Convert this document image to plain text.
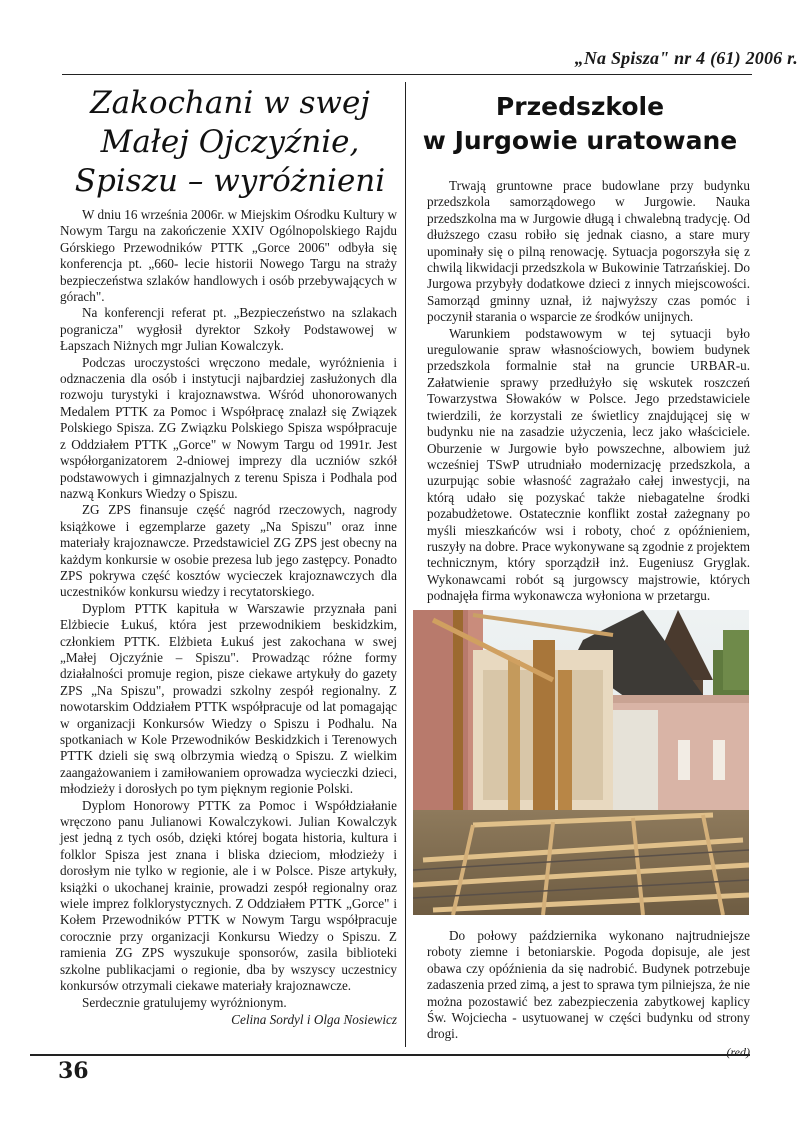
„Na Spisza" nr 4 (61) 2006 r.
Zakochani w swej
Małej Ojczyźnie,
Spiszu – wyróżnieni

W dniu 16 września 2006r. w Miejskim Ośrodku Kultury w Nowym Targu na zakończenie XXIV Ogólnopolskiego Rajdu Górskiego Przewodników PTTK „Gorce 2006" odbyła się konferencja pt. „660- lecie historii Nowego Targu na straży bezpieczeństwa szlaków handlowych i osób przebywających w górach".

Na konferencji referat pt. „Bezpieczeństwo na szlakach pogranicza" wygłosił dyrektor Szkoły Podstawowej w Łapszach Niżnych mgr Julian Kowalczyk.

Podczas uroczystości wręczono medale, wyróżnienia i odznaczenia dla osób i instytucji najbardziej zasłużonych dla rozwoju turystyki i krajoznawstwa. Wśród uhonorowanych Medalem PTTK za Pomoc i Współpracę znalazł się Związek Polskiego Spisza. ZG Związku Polskiego Spisza współpracuje z Oddziałem PTTK „Gorce" w Nowym Targu od 1991r. Jest współorganizatorem 2-dniowej imprezy dla uczniów szkół podstawowych i gimnazjalnych z terenu Spisza i Podhala pod nazwą Konkurs Wiedzy o Spiszu.

ZG ZPS finansuje część nagród rzeczowych, nagrody książkowe i egzemplarze gazety „Na Spiszu" oraz inne materiały krajoznawcze. Przedstawiciel ZG ZPS jest obecny na każdym konkursie w osobie prezesa lub jego zastępcy. Ponadto ZPS pokrywa część kosztów wycieczek krajoznawczych dla uczestników konkursu wiedzy i recytatorskiego.

Dyplom PTTK kapituła w Warszawie przyznała pani Elżbiecie Łukuś, która jest przewodnikiem beskidzkim, członkiem PTTK. Elżbieta Łukuś jest zakochana w swej „Małej Ojczyźnie – Spiszu". Prowadząc różne formy działalności promuje region, pisze ciekawe artykuły do gazety ZPS „Na Spiszu", prowadzi szkolny zespół regionalny. Z nowotarskim Oddziałem PTTK współpracuje od lat pomagając w organizacji Konkursów Wiedzy o Spiszu i Podhalu. Na spotkaniach w Kole Przewodników Beskidzkich i Terenowych PTTK dzieli się swą olbrzymia wiedzą o Spiszu. Z wielkim zaangażowaniem i zamiłowaniem oprowadza wycieczki dzieci, młodzieży i dorosłych po tym pięknym regionie Polski.

Dyplom Honorowy PTTK za Pomoc i Współdziałanie wręczono panu Julianowi Kowalczykowi. Julian Kowalczyk jest jedną z tych osób, dzięki której bogata historia, kultura i folklor Spisza jest znana i bliska dzieciom, młodzieży i dorosłym nie tylko w regionie, ale i w Polsce. Pisze artykuły, książki o ukochanej krainie, prowadzi zespół regionalny oraz wiele imprez folklorystycznych. Z Oddziałem PTTK „Gorce" i Kołem Przewodników PTTK w Nowym Targu współpracuje corocznie przy organizacji Konkursu Wiedzy o Spiszu. Z ramienia ZG ZPS wyszukuje sponsorów, zasila biblioteki szkolne publikacjami o regionie, dba by wszyscy uczestnicy konkursów otrzymali ciekawe materiały krajoznawcze.

Serdecznie gratulujemy wyróżnionym.

Celina Sordyl i Olga Nosiewicz

Przedszkole
w Jurgowie uratowane

Trwają gruntowne prace budowlane przy budynku przedszkola samorządowego w Jurgowie. Nauka przedszkolna ma w Jurgowie długą i chwalebną tradycję. Od dłuższego czasu robiło się jednak ciasno, a stare mury upominały się o pilną renowację. Sytuacja pogorszyła się z chwilą likwidacji przedszkola w Bukowinie Tatrzańskiej. Do Jurgowa przybyły dodatkowe dzieci z innych miejscowości. Samorząd gminny uznał, iż najwyższy czas pomóc i poczynił starania o wsparcie ze środków unijnych.

Warunkiem podstawowym w tej sytuacji było uregulowanie spraw własnościowych, bowiem budynek przedszkola formalnie stał na gruncie URBAR-u. Załatwienie sprawy przedłużyło się wskutek roszczeń Towarzystwa Słowaków w Polsce. Jego przedstawiciele twierdzili, że korzystali ze świetlicy znajdującej się w budynku nie na zasadzie użyczenia, lecz jako właściciele. Oburzenie w Jurgowie było powszechne, albowiem już wcześniej TSwP utrudniało modernizację przedszkola, a uzurpując sobie własność zagrażało całej inwestycji, na którą udało się pozyskać także niebagatelne środki pozabudżetowe. Ostatecznie konflikt został zażegnany po myśli mieszkańców wsi i roboty, choć z opóźnieniem, ruszyły na dobre. Prace wykonywane są zgodnie z projektem technicznym, który sporządził inż. Eugeniusz Gryglak. Wykonawcami robót są jurgowscy majstrowie, których podnajęła firma wykonawcza wyłoniona w przetargu.

Do połowy października wykonano najtrudniejsze roboty ziemne i betoniarskie. Pogoda dopisuje, ale jest obawa czy opóźnienia da się nadrobić. Budynek potrzebuje zadaszenia przed zimą, a jest to sprawa tym pilniejsza, że nie można pozostawić bez zabezpieczenia zabytkowej kaplicy Św. Wojciecha - usytuowanej w części budynku od strony drogi.

(red)

36
